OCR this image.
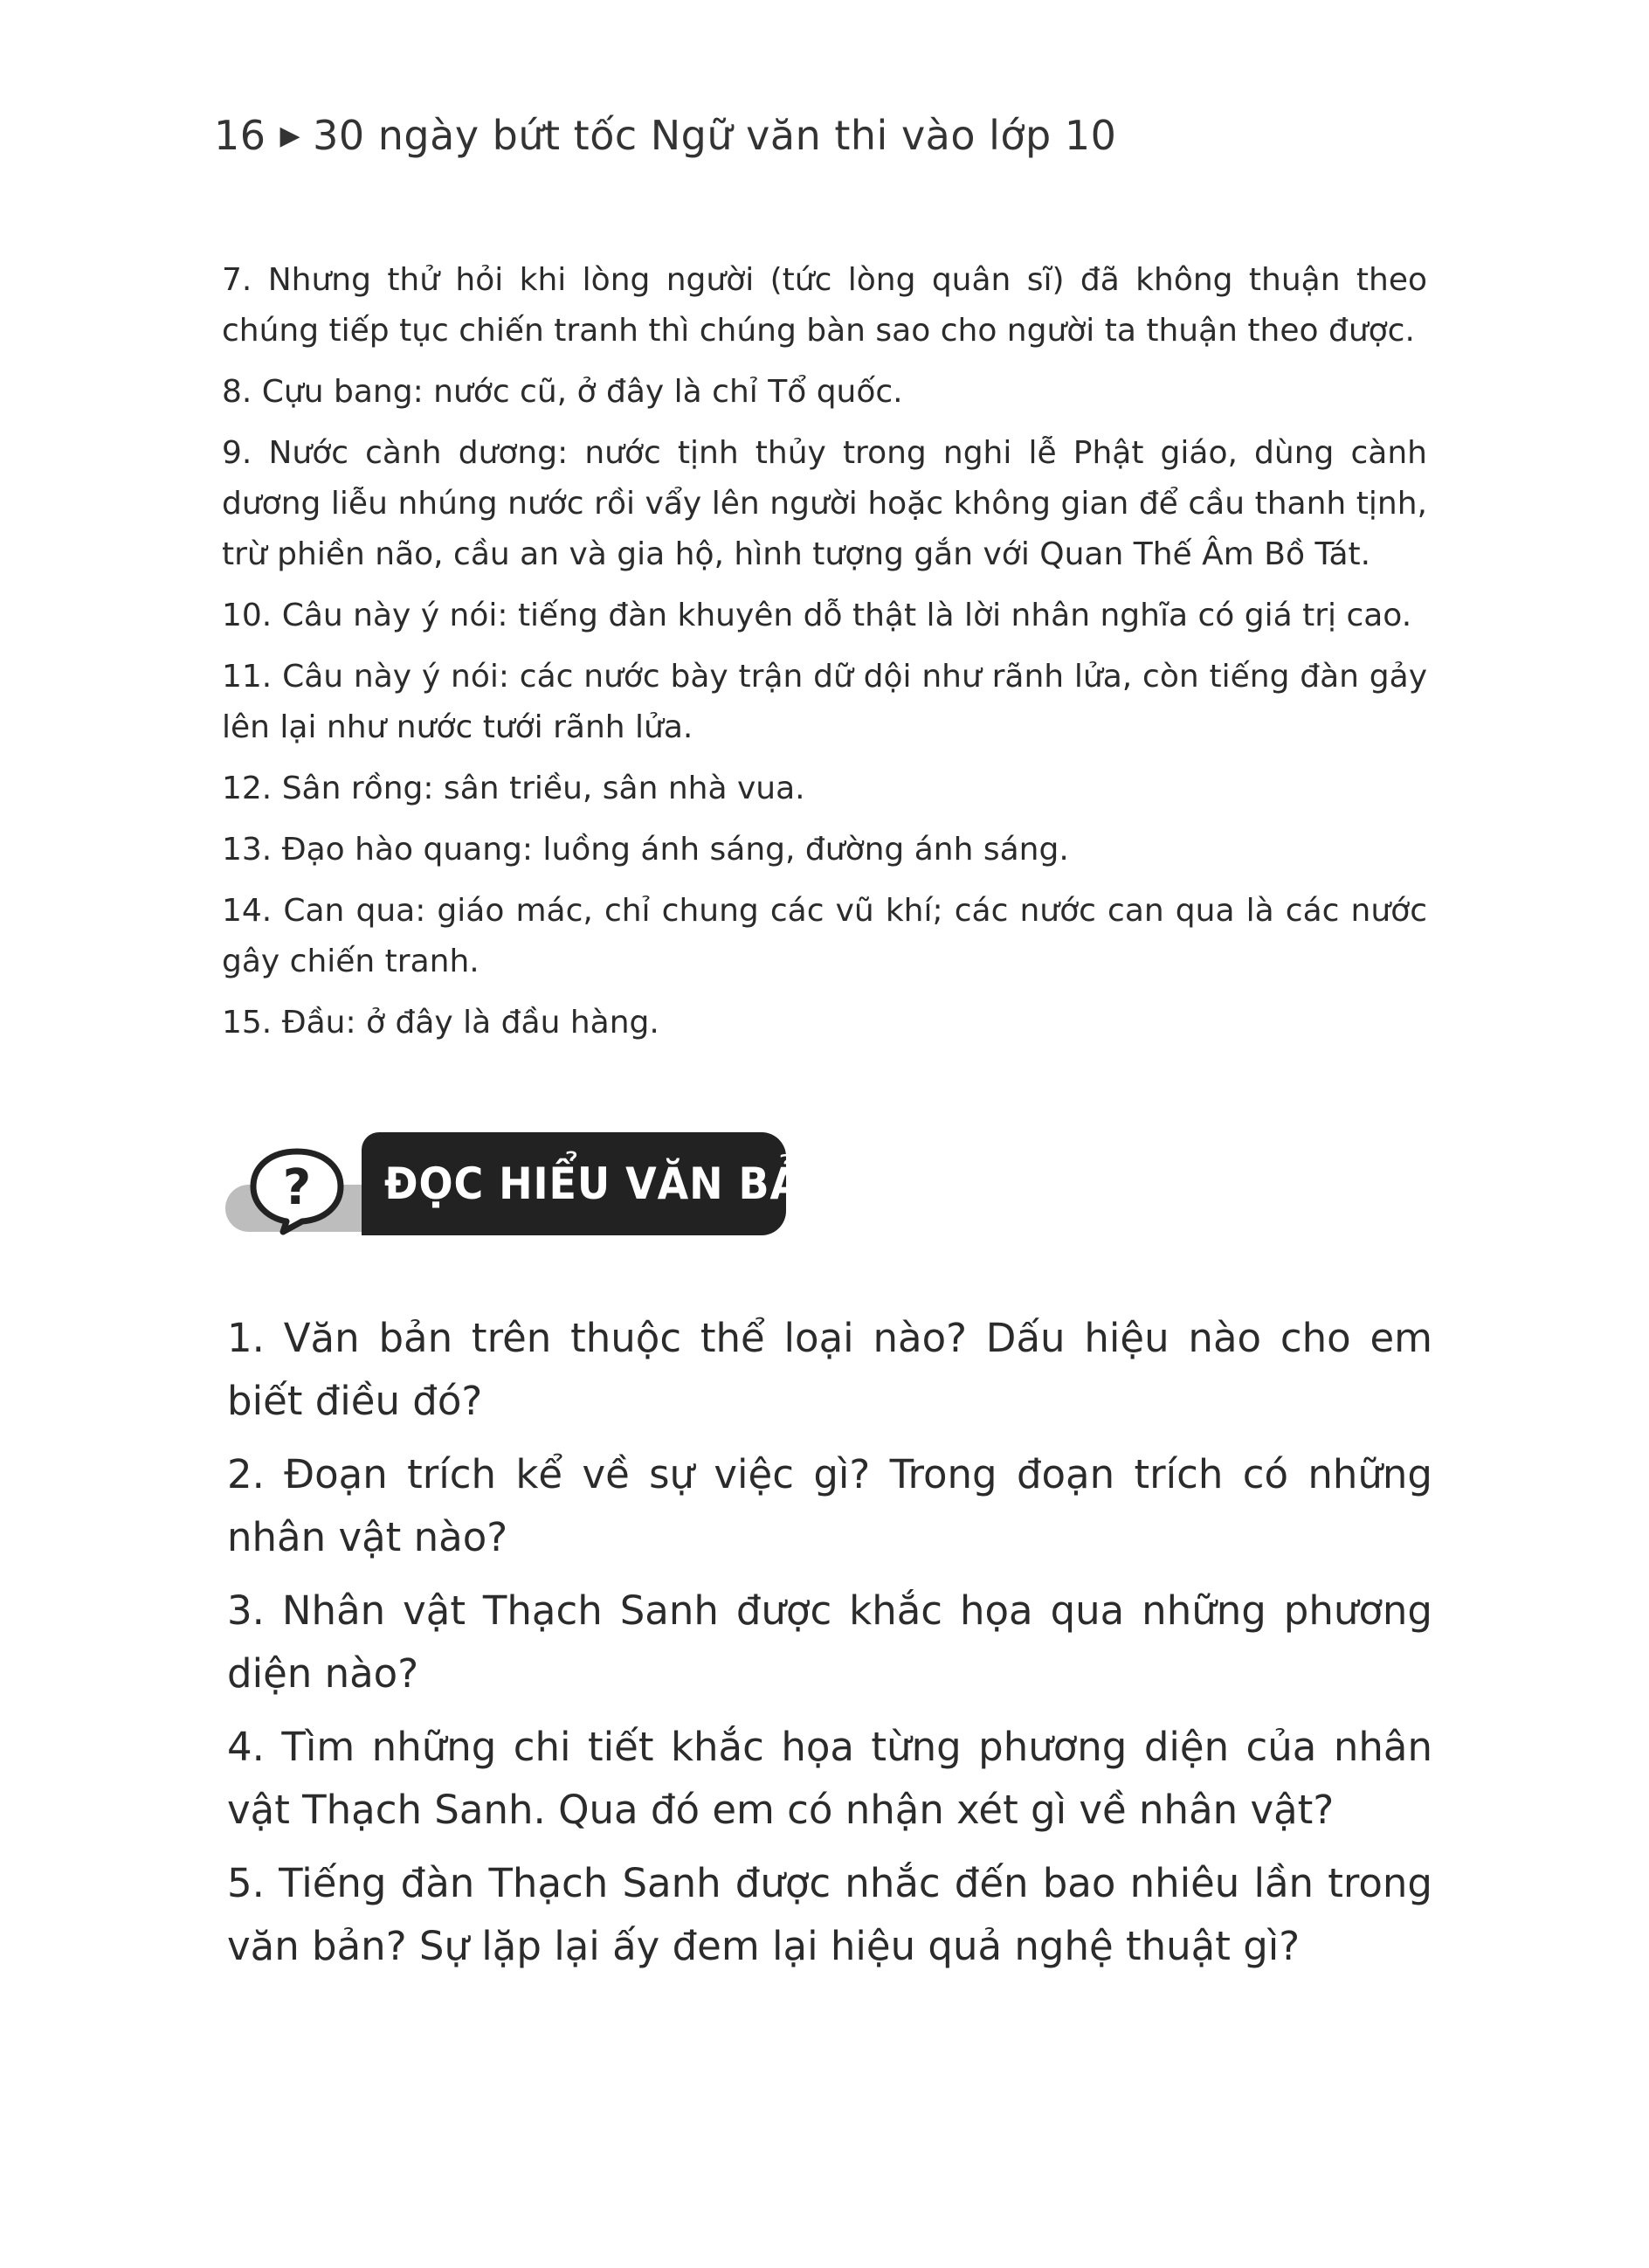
16 ▶ 30 ngày bứt tốc Ngữ văn thi vào lớp 10

7. Nhưng thử hỏi khi lòng người (tức lòng quân sĩ) đã không thuận theo chúng tiếp tục chiến tranh thì chúng bàn sao cho người ta thuận theo được.

8. Cựu bang: nước cũ, ở đây là chỉ Tổ quốc.

9. Nước cành dương: nước tịnh thủy trong nghi lễ Phật giáo, dùng cành dương liễu nhúng nước rồi vẩy lên người hoặc không gian để cầu thanh tịnh, trừ phiền não, cầu an và gia hộ, hình tượng gắn với Quan Thế Âm Bồ Tát.

10. Câu này ý nói: tiếng đàn khuyên dỗ thật là lời nhân nghĩa có giá trị cao.

11. Câu này ý nói: các nước bày trận dữ dội như rãnh lửa, còn tiếng đàn gảy lên lại như nước tưới rãnh lửa.

12. Sân rồng: sân triều, sân nhà vua.

13. Đạo hào quang: luồng ánh sáng, đường ánh sáng.

14. Can qua: giáo mác, chỉ chung các vũ khí; các nước can qua là các nước gây chiến tranh.

15. Đầu: ở đây là đầu hàng.

ĐỌC HIỂU VĂN BẢN:
?

1. Văn bản trên thuộc thể loại nào? Dấu hiệu nào cho em biết điều đó?

2. Đoạn trích kể về sự việc gì? Trong đoạn trích có những nhân vật nào?

3. Nhân vật Thạch Sanh được khắc họa qua những phương diện nào?

4. Tìm những chi tiết khắc họa từng phương diện của nhân vật Thạch Sanh. Qua đó em có nhận xét gì về nhân vật?

5. Tiếng đàn Thạch Sanh được nhắc đến bao nhiêu lần trong văn bản? Sự lặp lại ấy đem lại hiệu quả nghệ thuật gì?
